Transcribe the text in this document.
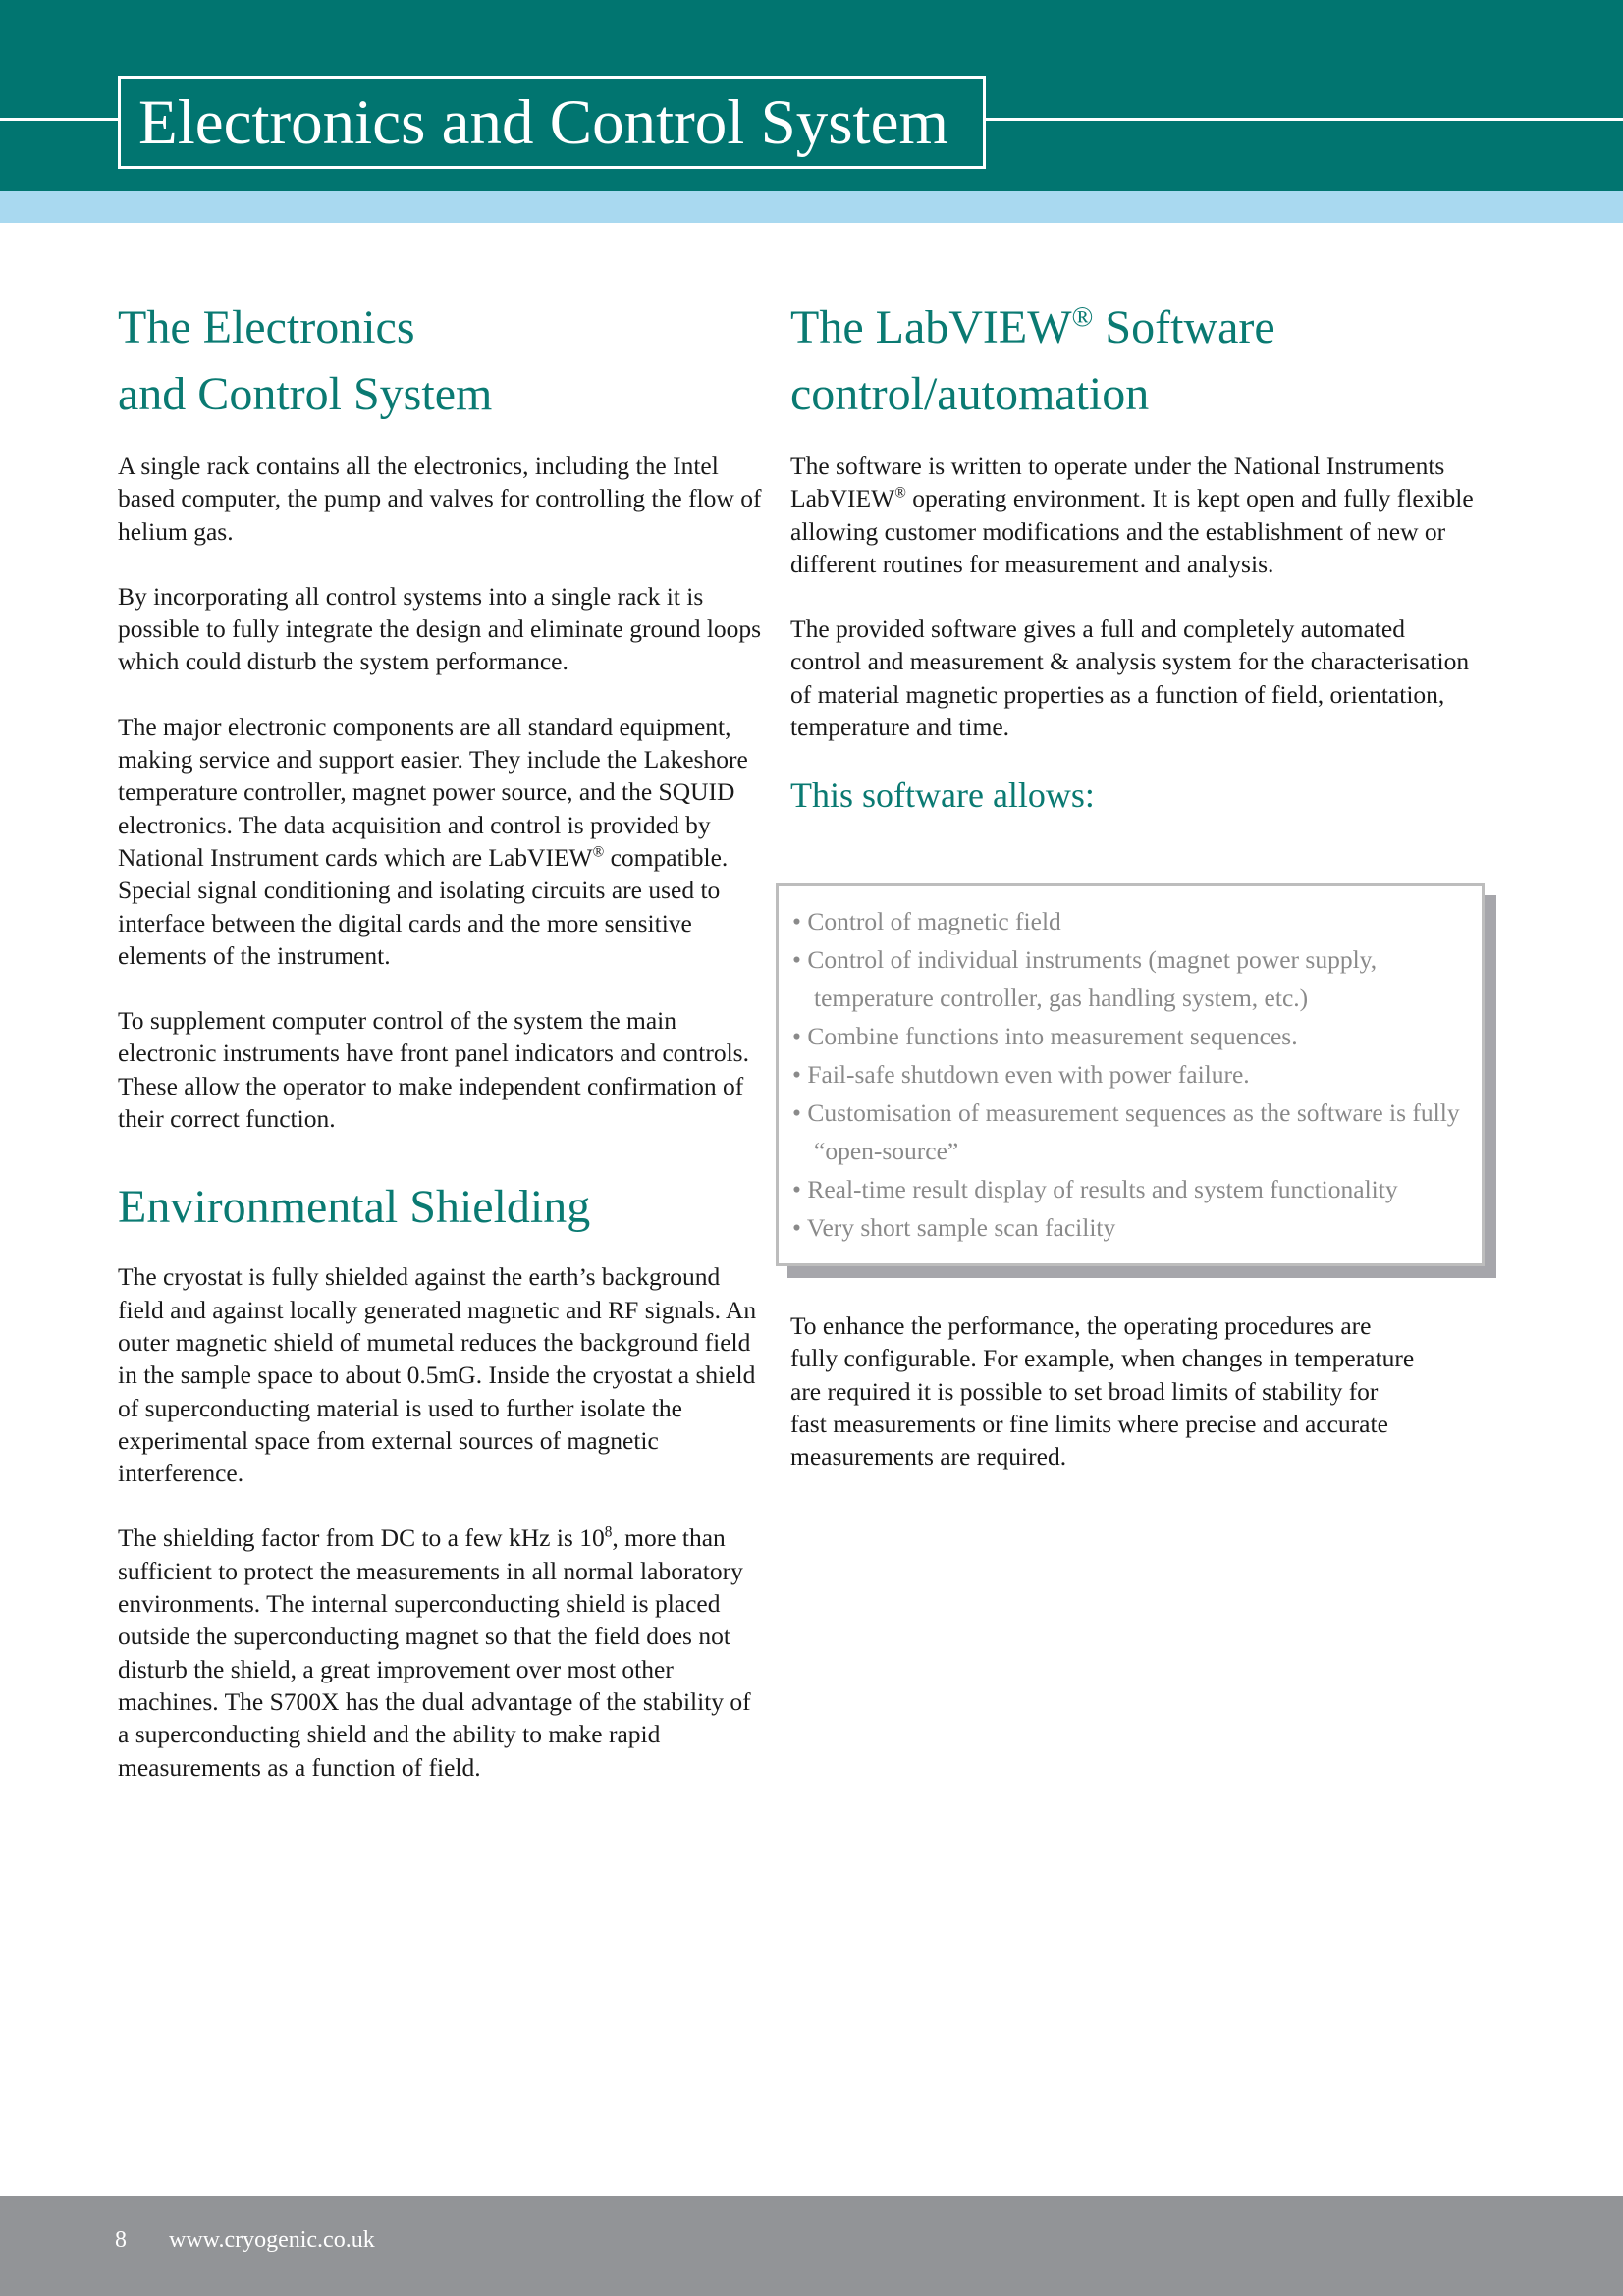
Electronics and Control System
The Electronics
and Control System

A single rack contains all the electronics, including the Intel based computer, the pump and valves for controlling the flow of helium gas.

By incorporating all control systems into a single rack it is possible to fully integrate the design and eliminate ground loops which could disturb the system performance.

The major electronic components are all standard equipment, making service and support easier. They include the Lakeshore temperature controller, magnet power source, and the SQUID electronics. The data acquisition and control is provided by National Instrument cards which are LabVIEW® compatible. Special signal conditioning and isolating circuits are used to interface between the digital cards and the more sensitive elements of the instrument.

To supplement computer control of the system the main electronic instruments have front panel indicators and controls. These allow the operator to make independent confirmation of their correct function.

Environmental Shielding

The cryostat is fully shielded against the earth’s background field and against locally generated magnetic and RF signals. An outer magnetic shield of mumetal reduces the background field in the sample space to about 0.5mG. Inside the cryostat a shield of superconducting material is used to further isolate the experimental space from external sources of magnetic interference.

The shielding factor from DC to a few kHz is $10^8$, more than sufficient to protect the measurements in all normal laboratory environments. The internal superconducting shield is placed outside the superconducting magnet so that the field does not disturb the shield, a great improvement over most other machines. The S700X has the dual advantage of the stability of a superconducting shield and the ability to make rapid measurements as a function of field.

The LabVIEW® Software
control/automation

The software is written to operate under the National Instruments LabVIEW® operating environment. It is kept open and fully flexible allowing customer modifications and the establishment of new or different routines for measurement and analysis.

The provided software gives a full and completely automated control and measurement & analysis system for the characterisation of material magnetic properties as a function of field, orientation, temperature and time.

This software allows:
• Control of magnetic field
• Control of individual instruments (magnet power supply, temperature controller, gas handling system, etc.)
• Combine functions into measurement sequences.
• Fail-safe shutdown even with power failure.
• Customisation of measurement sequences as the software is fully “open-source”
• Real-time result display of results and system functionality
• Very short sample scan facility

To enhance the performance, the operating procedures are fully configurable. For example, when changes in temperature are required it is possible to set broad limits of stability for fast measurements or fine limits where precise and accurate measurements are required.

8 www.cryogenic.co.uk
